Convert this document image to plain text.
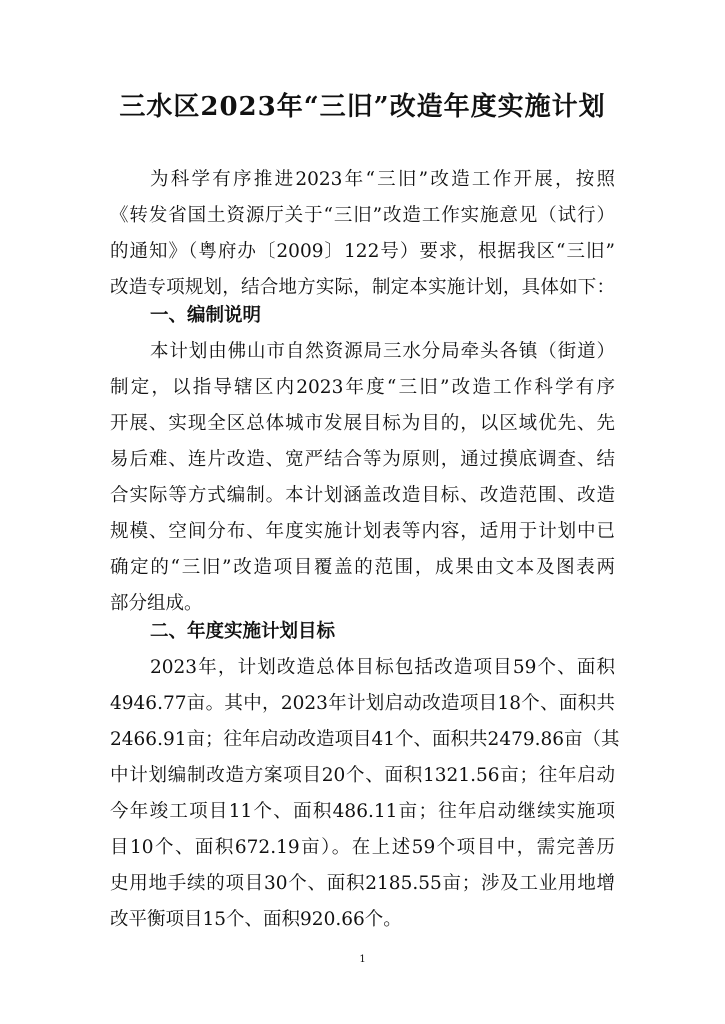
三水区2023年“三旧”改造年度实施计划
为科学有序推进2023年“三旧”改造工作开展，按照
《转发省国土资源厅关于“三旧”改造工作实施意见（试行）
的通知》（粤府办〔2009〕122号）要求，根据我区“三旧”
改造专项规划，结合地方实际，制定本实施计划，具体如下：
一、编制说明
本计划由佛山市自然资源局三水分局牵头各镇（街道）
制定，以指导辖区内2023年度“三旧”改造工作科学有序
开展、实现全区总体城市发展目标为目的，以区域优先、先
易后难、连片改造、宽严结合等为原则，通过摸底调查、结
合实际等方式编制。本计划涵盖改造目标、改造范围、改造
规模、空间分布、年度实施计划表等内容，适用于计划中已
确定的“三旧”改造项目覆盖的范围，成果由文本及图表两
部分组成。
二、年度实施计划目标
2023年，计划改造总体目标包括改造项目59个、面积
4946.77亩。其中，2023年计划启动改造项目18个、面积共
2466.91亩；往年启动改造项目41个、面积共2479.86亩（其
中计划编制改造方案项目20个、面积1321.56亩；往年启动
今年竣工项目11个、面积486.11亩；往年启动继续实施项
目10个、面积672.19亩）。在上述59个项目中，需完善历
史用地手续的项目30个、面积2185.55亩；涉及工业用地增
改平衡项目15个、面积920.66个。
1
